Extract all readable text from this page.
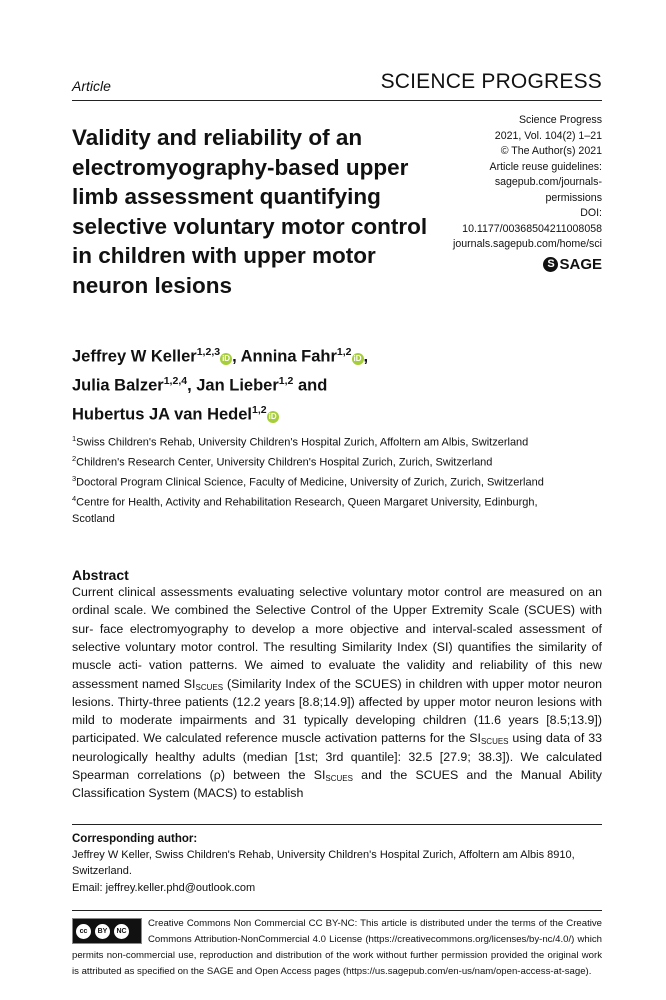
Article	SCIENCE PROGRESS
Validity and reliability of an electromyography-based upper limb assessment quantifying selective voluntary motor control in children with upper motor neuron lesions
Science Progress
2021, Vol. 104(2) 1–21
© The Author(s) 2021
Article reuse guidelines:
sagepub.com/journals-permissions
DOI: 10.1177/00368504211008058
journals.sagepub.com/home/sci
S SAGE
Jeffrey W Keller$^{1,2,3}$ iD , Annina Fahr$^{1,2}$ iD ,
Julia Balzer$^{1,2,4}$, Jan Lieber$^{1,2}$ and
Hubertus JA van Hedel$^{1,2}$ iD
$^1$Swiss Children's Rehab, University Children's Hospital Zurich, Affoltern am Albis, Switzerland
$^2$Children's Research Center, University Children's Hospital Zurich, Zurich, Switzerland
$^3$Doctoral Program Clinical Science, Faculty of Medicine, University of Zurich, Zurich, Switzerland
$^4$Centre for Health, Activity and Rehabilitation Research, Queen Margaret University, Edinburgh, Scotland
Abstract
Current clinical assessments evaluating selective voluntary motor control are measured on an ordinal scale. We combined the Selective Control of the Upper Extremity Scale (SCUES) with sur- face electromyography to develop a more objective and interval-scaled assessment of selective voluntary motor control. The resulting Similarity Index (SI) quantifies the similarity of muscle acti- vation patterns. We aimed to evaluate the validity and reliability of this new assessment named $SI_{SCUES}$ (Similarity Index of the SCUES) in children with upper motor neuron lesions. Thirty-three patients (12.2 years [8.8;14.9]) affected by upper motor neuron lesions with mild to moderate impairments and 31 typically developing children (11.6 years [8.5;13.9]) participated. We calculated reference muscle activation patterns for the $SI_{SCUES}$ using data of 33 neurologically healthy adults (median [1st; 3rd quantile]: 32.5 [27.9; 38.3]). We calculated Spearman correlations (ρ) between the $SI_{SCUES}$ and the SCUES and the Manual Ability Classification System (MACS) to establish
Corresponding author:
Jeffrey W Keller, Swiss Children's Rehab, University Children's Hospital Zurich, Affoltern am Albis 8910, Switzerland.
Email: jeffrey.keller.phd@outlook.com
cc	BY	NC
Creative Commons Non Commercial CC BY-NC: This article is distributed under the terms of the Creative Commons Attribution-NonCommercial 4.0 License (https://creativecommons.org/licenses/by-nc/4.0/) which permits non-commercial use, reproduction and distribution of the work without further permission provided the original work is attributed as specified on the SAGE and Open Access pages (https://us.sagepub.com/en-us/nam/open-access-at-sage).
